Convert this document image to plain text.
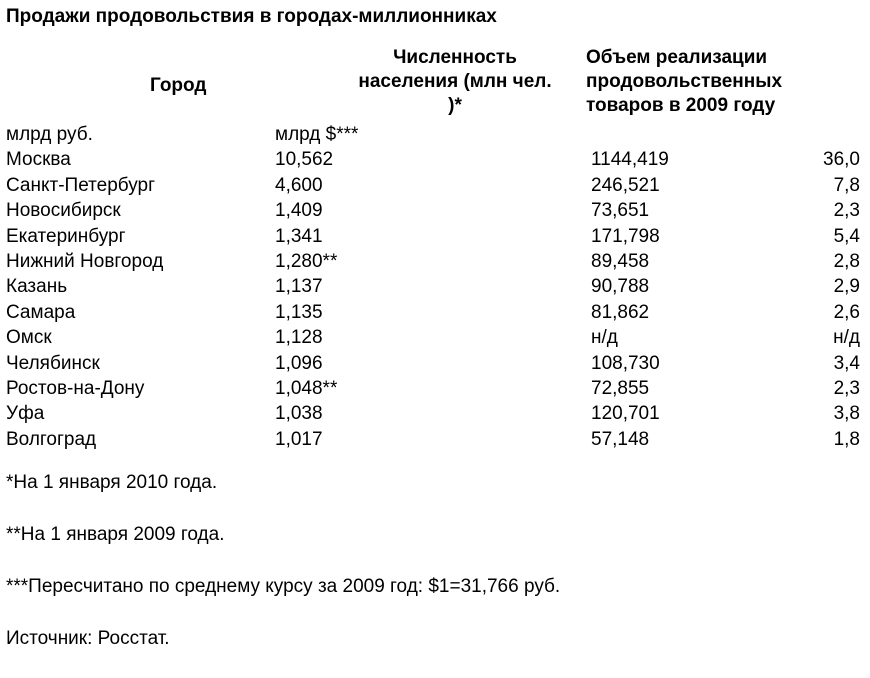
Продажи продовольствия в городах-миллионниках
Город
Численность
населения (млн чел.
)*
Объем реализации
продовольственных
товаров в 2009 году
млрд руб.	млрд $***		
Москва	10,562	1144,419	36,0
Санкт-Петербург	4,600	246,521	7,8
Новосибирск	1,409	73,651	2,3
Екатеринбург	1,341	171,798	5,4
Нижний Новгород	1,280**	89,458	2,8
Казань	1,137	90,788	2,9
Самара	1,135	81,862	2,6
Омск	1,128	н/д	н/д
Челябинск	1,096	108,730	3,4
Ростов-на-Дону	1,048**	72,855	2,3
Уфа	1,038	120,701	3,8
Волгоград	1,017	57,148	1,8
*На 1 января 2010 года.
**На 1 января 2009 года.
***Пересчитано по среднему курсу за 2009 год: $1=31,766 руб.
Источник: Росстат.
